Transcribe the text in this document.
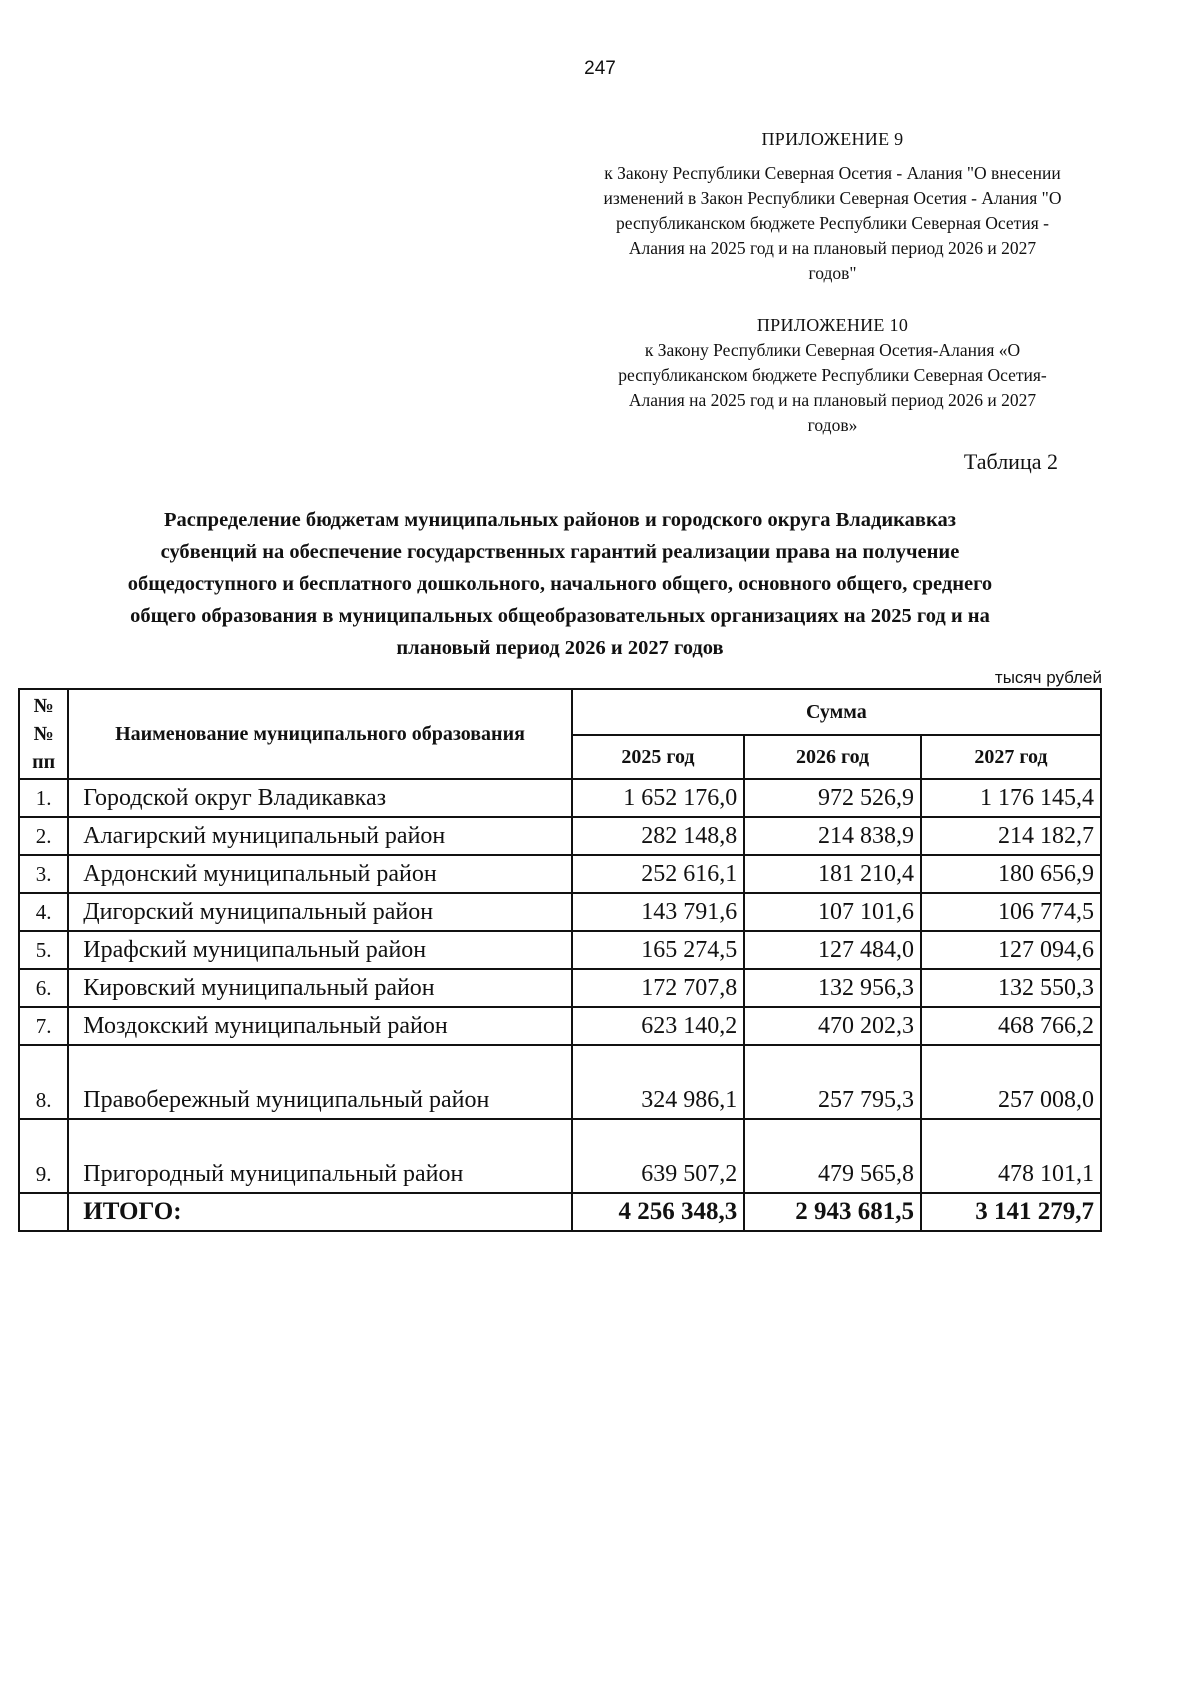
247
ПРИЛОЖЕНИЕ 9
к Закону Республики Северная Осетия - Алания "О внесении
изменений в Закон Республики Северная Осетия - Алания "О
республиканском бюджете Республики Северная Осетия -
Алания на 2025 год и на плановый период 2026 и 2027
годов"
ПРИЛОЖЕНИЕ 10
к Закону Республики Северная Осетия-Алания «О
республиканском бюджете Республики Северная Осетия-
Алания на 2025 год и на плановый период 2026 и 2027
годов»
Таблица 2
Распределение бюджетам муниципальных районов и городского округа Владикавказ
субвенций на обеспечение государственных гарантий реализации права на получение
общедоступного и бесплатного дошкольного, начального общего, основного общего, среднего
общего образования в муниципальных общеобразовательных организациях на 2025 год и на
плановый период 2026 и 2027 годов
тысяч рублей
№№ пп	Наименование муниципального образования	Сумма		
		2025 год	2026 год	2027 год
1.	Городской округ Владикавказ	1 652 176,0	972 526,9	1 176 145,4
2.	Алагирский муниципальный район	282 148,8	214 838,9	214 182,7
3.	Ардонский муниципальный район	252 616,1	181 210,4	180 656,9
4.	Дигорский муниципальный район	143 791,6	107 101,6	106 774,5
5.	Ирафский муниципальный район	165 274,5	127 484,0	127 094,6
6.	Кировский муниципальный район	172 707,8	132 956,3	132 550,3
7.	Моздокский муниципальный район	623 140,2	470 202,3	468 766,2
8.	Правобережный муниципальный район	324 986,1	257 795,3	257 008,0
9.	Пригородный муниципальный район	639 507,2	479 565,8	478 101,1
	ИТОГО:	4 256 348,3	2 943 681,5	3 141 279,7
